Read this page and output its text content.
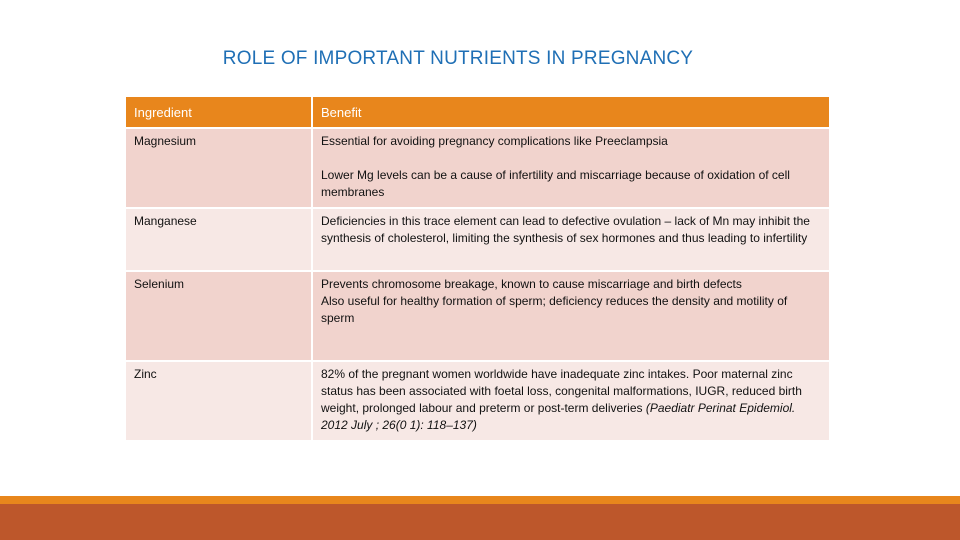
ROLE OF IMPORTANT NUTRIENTS IN PREGNANCY
Ingredient	Benefit
Magnesium	Essential for avoiding pregnancy complications like Preeclampsia

Lower Mg levels can be a cause of infertility and miscarriage because of oxidation of cell membranes

Manganese	Deficiencies in this trace element can lead to defective ovulation – lack of Mn may inhibit the synthesis of cholesterol, limiting the synthesis of sex hormones and thus leading to infertility

Selenium	Prevents chromosome breakage, known to cause miscarriage and birth defects

Also useful for healthy formation of sperm; deficiency reduces the density and motility of sperm

Zinc	82% of the pregnant women worldwide have inadequate zinc intakes. Poor maternal zinc status has been associated with foetal loss, congenital malformations, IUGR, reduced birth weight, prolonged labour and preterm or post-term deliveries (Paediatr Perinat Epidemiol. 2012 July ; 26(0 1): 118–137)
